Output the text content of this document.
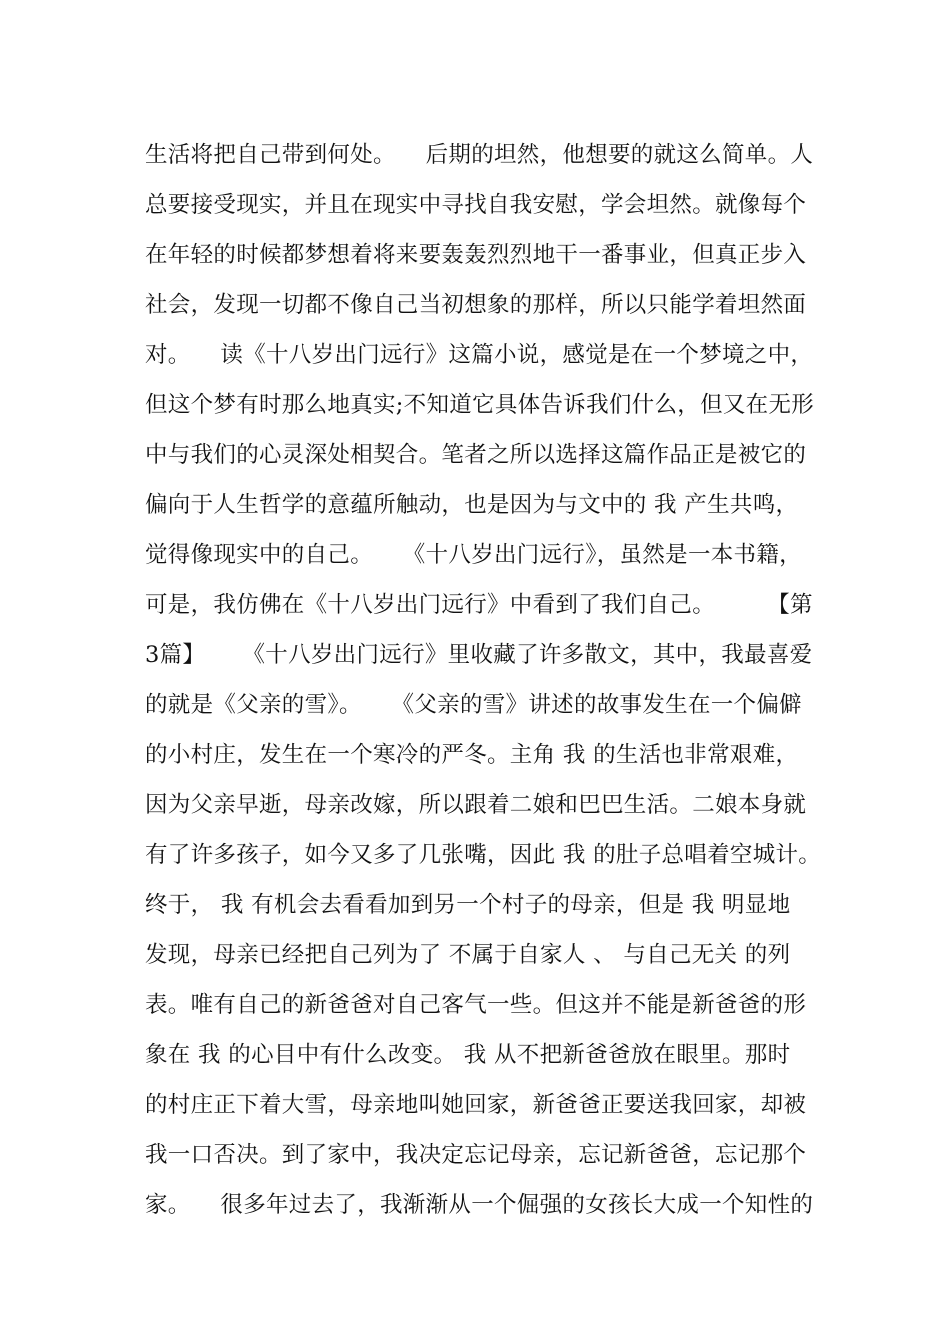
生活将把自己带到何处。    后期的坦然，他想要的就这么简单。人
总要接受现实，并且在现实中寻找自我安慰，学会坦然。就像每个
在年轻的时候都梦想着将来要轰轰烈烈地干一番事业，但真正步入
社会，发现一切都不像自己当初想象的那样，所以只能学着坦然面
对。    读《十八岁出门远行》这篇小说，感觉是在一个梦境之中，
但这个梦有时那么地真实;不知道它具体告诉我们什么，但又在无形
中与我们的心灵深处相契合。笔者之所以选择这篇作品正是被它的
偏向于人生哲学的意蕴所触动，也是因为与文中的 我 产生共鸣，
觉得像现实中的自己。    《十八岁出门远行》，虽然是一本书籍，
可是，我仿佛在《十八岁出门远行》中看到了我们自己。       【第
3篇】     《十八岁出门远行》里收藏了许多散文，其中，我最喜爱
的就是《父亲的雪》。    《父亲的雪》讲述的故事发生在一个偏僻
的小村庄，发生在一个寒冷的严冬。主角 我 的生活也非常艰难，
因为父亲早逝，母亲改嫁，所以跟着二娘和巴巴生活。二娘本身就
有了许多孩子，如今又多了几张嘴，因此 我 的肚子总唱着空城计。
终于， 我 有机会去看看加到另一个村子的母亲，但是 我 明显地
发现，母亲已经把自己列为了 不属于自家人 、 与自己无关 的列
表。唯有自己的新爸爸对自己客气一些。但这并不能是新爸爸的形
象在 我 的心目中有什么改变。 我 从不把新爸爸放在眼里。那时
的村庄正下着大雪，母亲地叫她回家，新爸爸正要送我回家，却被
我一口否决。到了家中，我决定忘记母亲，忘记新爸爸，忘记那个
家。    很多年过去了，我渐渐从一个倔强的女孩长大成一个知性的
